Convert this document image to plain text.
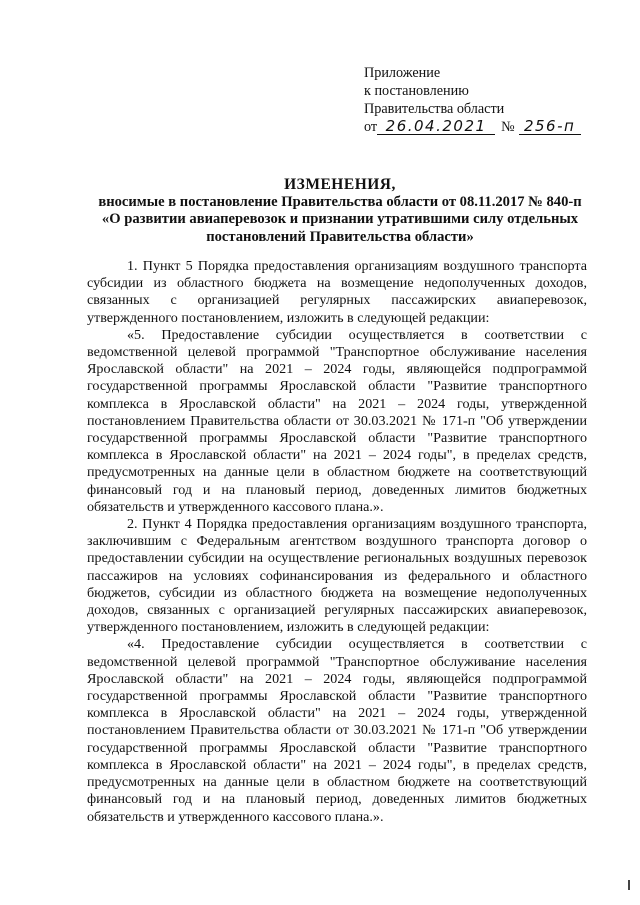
Приложение
к постановлению
Правительства области
от 26.04.2021 № 256-п
ИЗМЕНЕНИЯ,
вносимые в постановление Правительства области от 08.11.2017 № 840-п
«О развитии авиаперевозок и признании утратившими силу отдельных
постановлений Правительства области»

1. Пункт 5 Порядка предоставления организациям воздушного транспорта субсидии из областного бюджета на возмещение недополученных доходов, связанных с организацией регулярных пассажирских авиаперевозок, утвержденного постановлением, изложить в следующей редакции:

«5. Предоставление субсидии осуществляется в соответствии с ведомственной целевой программой "Транспортное обслуживание населения Ярославской области" на 2021 – 2024 годы, являющейся подпрограммой государственной программы Ярославской области "Развитие транспортного комплекса в Ярославской области" на 2021 – 2024 годы, утвержденной постановлением Правительства области от 30.03.2021 № 171-п "Об утверждении государственной программы Ярославской области "Развитие транспортного комплекса в Ярославской области" на 2021 – 2024 годы", в пределах средств, предусмотренных на данные цели в областном бюджете на соответствующий финансовый год и на плановый период, доведенных лимитов бюджетных обязательств и утвержденного кассового плана.».

2. Пункт 4 Порядка предоставления организациям воздушного транспорта, заключившим с Федеральным агентством воздушного транспорта договор о предоставлении субсидии на осуществление региональных воздушных перевозок пассажиров на условиях софинансирования из федерального и областного бюджетов, субсидии из областного бюджета на возмещение недополученных доходов, связанных с организацией регулярных пассажирских авиаперевозок, утвержденного постановлением, изложить в следующей редакции:

«4. Предоставление субсидии осуществляется в соответствии с ведомственной целевой программой "Транспортное обслуживание населения Ярославской области" на 2021 – 2024 годы, являющейся подпрограммой государственной программы Ярославской области "Развитие транспортного комплекса в Ярославской области" на 2021 – 2024 годы, утвержденной постановлением Правительства области от 30.03.2021 № 171-п "Об утверждении государственной программы Ярославской области "Развитие транспортного комплекса в Ярославской области" на 2021 – 2024 годы", в пределах средств, предусмотренных на данные цели в областном бюджете на соответствующий финансовый год и на плановый период, доведенных лимитов бюджетных обязательств и утвержденного кассового плана.».
